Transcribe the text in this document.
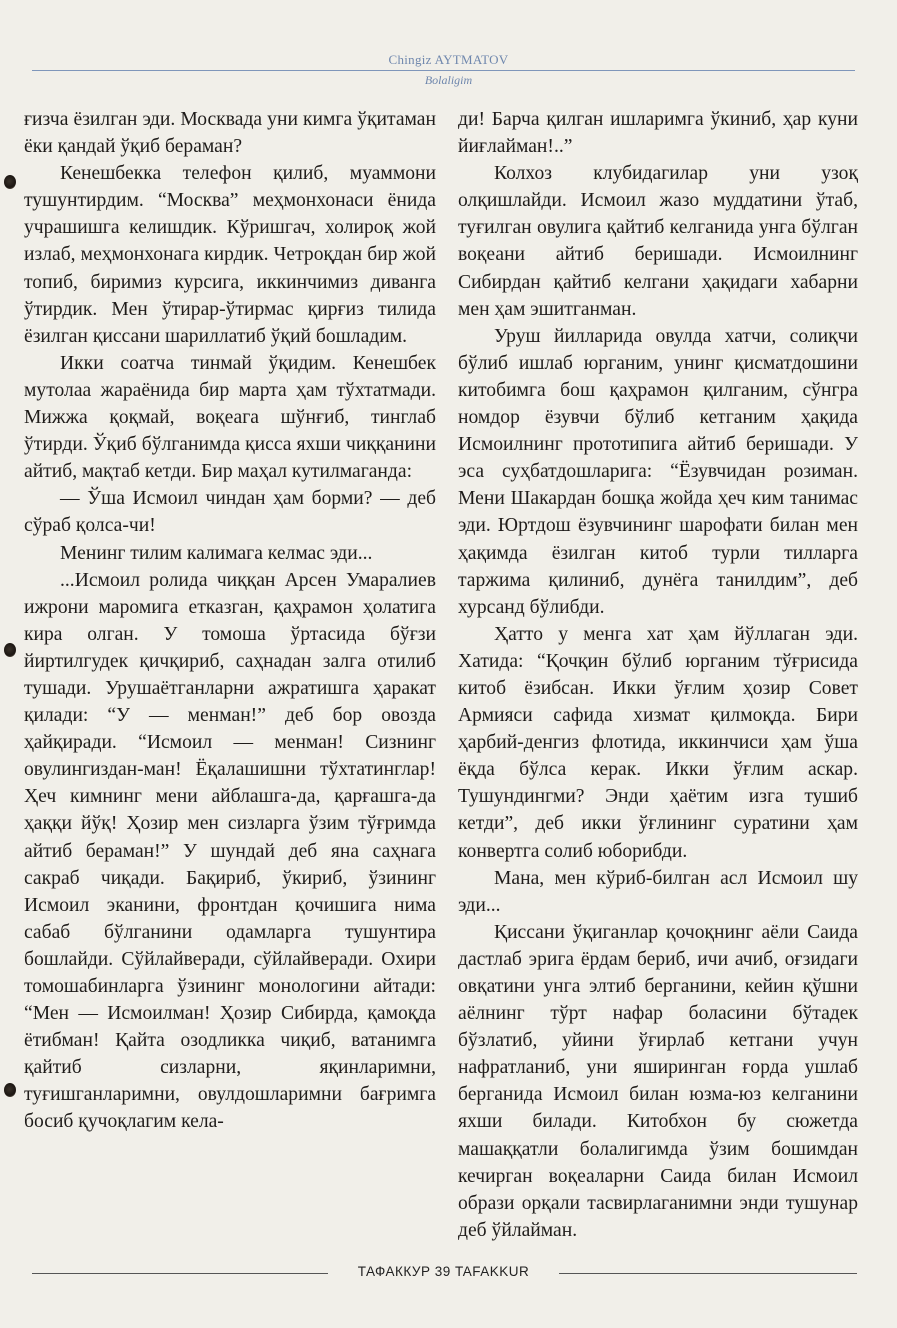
Chingiz AYTMATOV
Bolaligim

ғизча ёзилган эди. Москвада уни кимга ўқитаман ёки қандай ўқиб бераман?

Кенешбекка телефон қилиб, муаммони тушунтирдим. “Москва” меҳмонхонаси ёнида учрашишга келишдик. Кўришгач, холироқ жой излаб, меҳмонхонага кирдик. Четроқдан бир жой топиб, биримиз курсига, иккинчимиз диванга ўтирдик. Мен ўтирар-ўтирмас қирғиз тилида ёзилган қиссани шариллатиб ўқий бошладим.

Икки соатча тинмай ўқидим. Кенешбек мутолаа жараёнида бир марта ҳам тўхтатмади. Мижжа қоқмай, воқеага шўнғиб, тинглаб ўтирди. Ўқиб бўлганимда қисса яхши чиққанини айтиб, мақтаб кетди. Бир маҳал кутилмаганда:

— Ўша Исмоил чиндан ҳам борми? — деб сўраб қолса-чи!

Менинг тилим калимага келмас эди...

...Исмоил ролида чиққан Арсен Умаралиев ижрони маромига етказган, қаҳрамон ҳолатига кира олган. У томоша ўртасида бўғзи йиртилгудек қичқириб, саҳнадан залга отилиб тушади. Урушаётганларни ажратишга ҳаракат қилади: “У — менман!” деб бор овозда ҳайқиради. “Исмоил — менман! Сизнинг овулингиздан-ман! Ёқалашишни тўхтатинглар! Ҳеч кимнинг мени айблашга-да, қарғашга-да ҳаққи йўқ! Ҳозир мен сизларга ўзим тўғримда айтиб бераман!” У шундай деб яна саҳнага сакраб чиқади. Бақириб, ўкириб, ўзининг Исмоил эканини, фронтдан қочишига нима сабаб бўлганини одамларга тушунтира бошлайди. Сўйлайверади, сўйлайверади. Охири томошабинларга ўзининг монологини айтади: “Мен — Исмоилман! Ҳозир Сибирда, қамоқда ётибман! Қайта озодликка чиқиб, ватанимга қайтиб сизларни, яқинларимни, туғишганларимни, овулдошларимни бағримга босиб қучоқлагим кела-

ди! Барча қилган ишларимга ўкиниб, ҳар куни йиғлайман!..”

Колхоз клубидагилар уни узоқ олқишлайди. Исмоил жазо муддатини ўтаб, туғилган овулига қайтиб келганида унга бўлган воқеани айтиб беришади. Исмоилнинг Сибирдан қайтиб келгани ҳақидаги хабарни мен ҳам эшитганман.

Уруш йилларида овулда хатчи, солиқчи бўлиб ишлаб юрганим, унинг қисматдошини китобимга бош қаҳрамон қилганим, сўнгра номдор ёзувчи бўлиб кетганим ҳақида Исмоилнинг прототипига айтиб беришади. У эса суҳбатдошларига: “Ёзувчидан розиман. Мени Шакардан бошқа жойда ҳеч ким танимас эди. Юртдош ёзувчининг шарофати билан мен ҳақимда ёзилган китоб турли тилларга таржима қилиниб, дунёга танилдим”, деб хурсанд бўлибди.

Ҳатто у менга хат ҳам йўллаган эди. Хатида: “Қочқин бўлиб юрганим тўғрисида китоб ёзибсан. Икки ўғлим ҳозир Совет Армияси сафида хизмат қилмоқда. Бири ҳарбий-денгиз флотида, иккинчиси ҳам ўша ёқда бўлса керак. Икки ўғлим аскар. Тушундингми? Энди ҳаётим изга тушиб кетди”, деб икки ўғлининг суратини ҳам конвертга солиб юборибди.

Мана, мен кўриб-билган асл Исмоил шу эди...

Қиссани ўқиганлар қочоқнинг аёли Саида дастлаб эрига ёрдам бериб, ичи ачиб, оғзидаги овқатини унга элтиб берганини, кейин қўшни аёлнинг тўрт нафар боласини бўтадек бўзлатиб, уйини ўғирлаб кетгани учун нафратланиб, уни яширинган ғорда ушлаб берганида Исмоил билан юзма-юз келганини яхши билади. Китобхон бу сюжетда машаққатли болалигимда ўзим бошимдан кечирган воқеаларни Саида билан Исмоил образи орқали тасвирлаганимни энди тушунар деб ўйлайман.

ТАФАККУР 39 TAFAKKUR
